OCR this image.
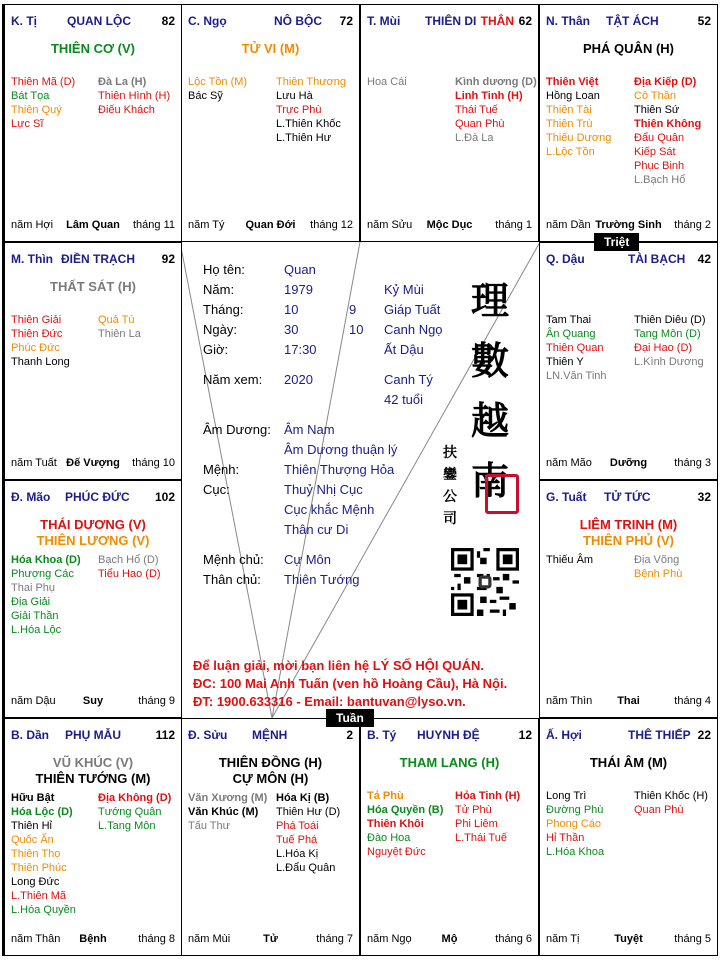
K. Tị	QUAN LỘC	82
THIÊN CƠ (V)
Thiên Mã (D)
Bát Tọa
Thiên Quý
Lực Sĩ
Đà La (H)
Thiên Hình (H)
Điếu Khách
năm Hợi	Lâm Quan	tháng 11
C. Ngọ	NÔ BỘC 72
TỬ VI (M)
Lộc Tồn (M)
Bác Sỹ
Thiên Thương
Lưu Hà
Trực Phù
L.Thiên Khốc
L.Thiên Hư
năm Tý	Quan Đới	tháng 12
T. Mùi THIÊN DI THÂN 62
Hoa Cái	Kình dương (D)
Linh Tinh (H)
Thái Tuế
Quan Phù
L.Đà La
năm Sửu	Mộc Dục	tháng 1
N. Thân TẬT ÁCH	52
PHÁ QUÂN (H)
Thiên Việt
Hồng Loan
Thiên Tài
Thiên Trù
Thiếu Dương
L.Lộc Tồn
Địa Kiếp (D)
Cô Thần
Thiên Sứ
Thiên Không
Đẩu Quân
Kiếp Sát
Phục Binh
L.Bạch Hổ
năm Dần Trường Sinh	tháng 2
M. Thìn ĐIỀN TRẠCH 92
THẤT SÁT (H)
Thiên Giải
Thiên Đức
Phúc Đức
Thanh Long
Quả Tú
Thiên La
năm Tuất Đế Vượng	tháng 10
Q. Dậu	TÀI BẠCH 42
Tam Thai
Ân Quang
Thiên Quan
Thiên Y
LN.Văn Tinh
Thiên Diêu (D)
Tang Môn (D)
Đại Hao (D)
L.Kình Dương
năm Mão	Dưỡng	tháng 3
Đ. Mão PHÚC ĐỨC 102
THÁI DƯƠNG (V)
THIÊN LƯƠNG (V)
Hóa Khoa (D)
Phượng Các
Thai Phụ
Địa Giải
Giải Thần
L.Hóa Lộc
Bạch Hổ (D)
Tiểu Hao (D)
năm Dậu	Suy	tháng 9
G. Tuất TỬ TỨC	32
LIÊM TRINH (M)
THIÊN PHỦ (V)
Thiếu Âm	Địa Võng
Bệnh Phù
năm Thìn	Thai	tháng 4
B. Dần PHỤ MẪU	112
VŨ KHÚC (V)
THIÊN TƯỚNG (M)
Hữu Bật
Hóa Lộc (D)
Thiên Hỉ
Quốc Ấn
Thiên Thọ
Thiên Phúc
Long Đức
L.Thiên Mã
L.Hóa Quyền
Địa Không (D)
Tướng Quân
L.Tang Môn
năm Thân	Bệnh	tháng 8
Đ. Sửu MỆNH	2
THIÊN ĐỒNG (H)
CỰ MÔN (H)
Văn Xương (M)
Văn Khúc (M)
Tấu Thư
Hóa Kị (B)
Thiên Hư (D)
Phá Toái
Tuế Phá
L.Hóa Kị
L.Đẩu Quân
năm Mùi	Tử	tháng 7
B. Tý HUYNH ĐỆ	12
THAM LANG (H)
Tả Phù
Hóa Quyền (B)
Thiên Khôi
Đào Hoa
Nguyệt Đức
Hỏa Tinh (H)
Tử Phù
Phi Liêm
L.Thái Tuế
năm Ngọ	Mộ	tháng 6
Ấ. Hợi	THÊ THIẾP 22
THÁI ÂM (M)
Long Trì
Đường Phù
Phong Cáo
Hỉ Thần
L.Hóa Khoa
Thiên Khốc (H)
Quan Phù
năm Tị	Tuyệt	tháng 5
Họ tên:	Quan
Năm:	1979	Kỷ Mùi
Tháng:	10	9 Giáp Tuất
Ngày:	30	10 Canh Ngọ
Giờ:	17:30	Ất Dậu
Năm xem: 2020	Canh Tý
42 tuổi
Âm Dương: Âm Nam
Âm Dương thuận lý
Mệnh:	Thiên Thượng Hỏa
Cục:	Thuỷ Nhị Cục
Cục khắc Mệnh
Thân cư Di
Mệnh chủ: Cự Môn
Thân chủ: Thiên Tướng
理
數
越
南
扶
鑾
公
司
Để luận giải, mời bạn liên hệ LÝ SỐ HỘI QUÁN.
ĐC: 100 Mai Anh Tuấn (ven hồ Hoàng Cầu), Hà Nội.
ĐT: 1900.633316 - Email: bantuvan@lyso.vn.
Triệt
Tuần
